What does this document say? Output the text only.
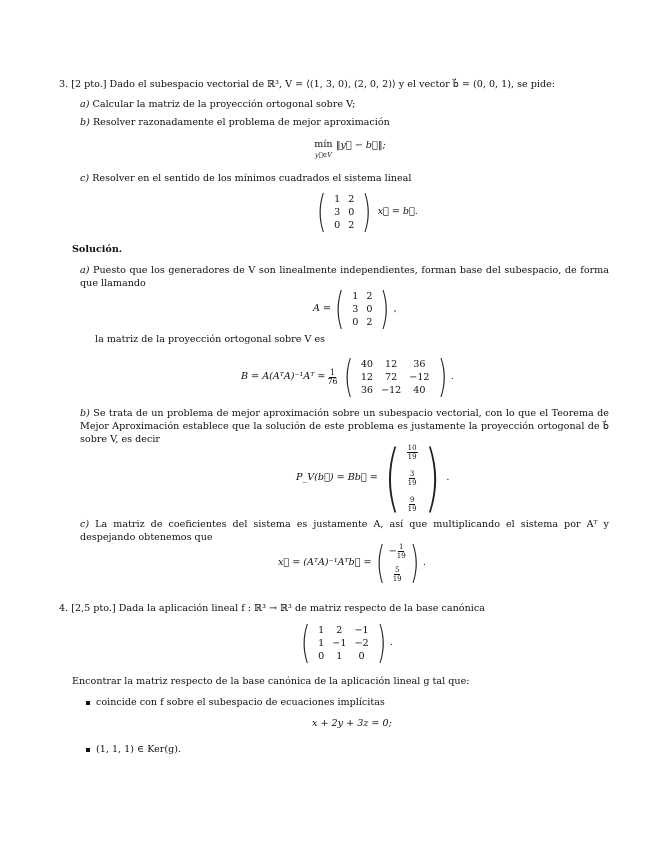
3. [2 pto.] Dado el subespacio vectorial de ℝ³, V = ⟨(1, 3, 0), (2, 0, 2)⟩ y el vector b⃗ = (0, 0, 1), se pide:
a) Calcular la matriz de la proyección ortogonal sobre V;
b) Resolver razonadamente el problema de mejor aproximación
mín
y⃗∈V
‖y⃗ − b⃗‖;
c) Resolver en el sentido de los mínimos cuadrados el sistema lineal
( 1	2
3	0
0	2 ) x⃗ = b⃗.
Solución.
a) Puesto que los generadores de V son linealmente independientes, forman base del subespacio, de forma que llamando
A = ( 1	2
3	0
0	2 ) ,
la matriz de la proyección ortogonal sobre V es
B = A(AᵀA)⁻¹Aᵀ = $\frac{1}{76}$ ( 40	12	36
12	72	−12
36	−12	40 ) .
b) Se trata de un problema de mejor aproximación sobre un subespacio vectorial, con lo que el Teorema de Mejor Aproximación establece que la solución de este problema es justamente la proyección ortogonal de b⃗ sobre V, es decir
P_V(b⃗) = Bb⃗ = ( $\frac{10}{19}$
$\frac{3}{19}$
$\frac{9}{19}$ ) .
c) La matriz de coeficientes del sistema es justamente A, así que multiplicando el sistema por Aᵀ y despejando obtenemos que
x⃗ = (AᵀA)⁻¹Aᵀb⃗ = ( − $\frac{1}{19}$
$\frac{5}{19}$ ) .
4. [2,5 pto.] Dada la aplicación lineal f : ℝ³ → ℝ³ de matriz respecto de la base canónica
( 1	2	−1
1	−1	−2
0	1	0 ) .
Encontrar la matriz respecto de la base canónica de la aplicación lineal g tal que:
coincide con f sobre el subespacio de ecuaciones implícitas
x + 2y + 3z = 0;
(1, 1, 1) ∈ Ker(g).
